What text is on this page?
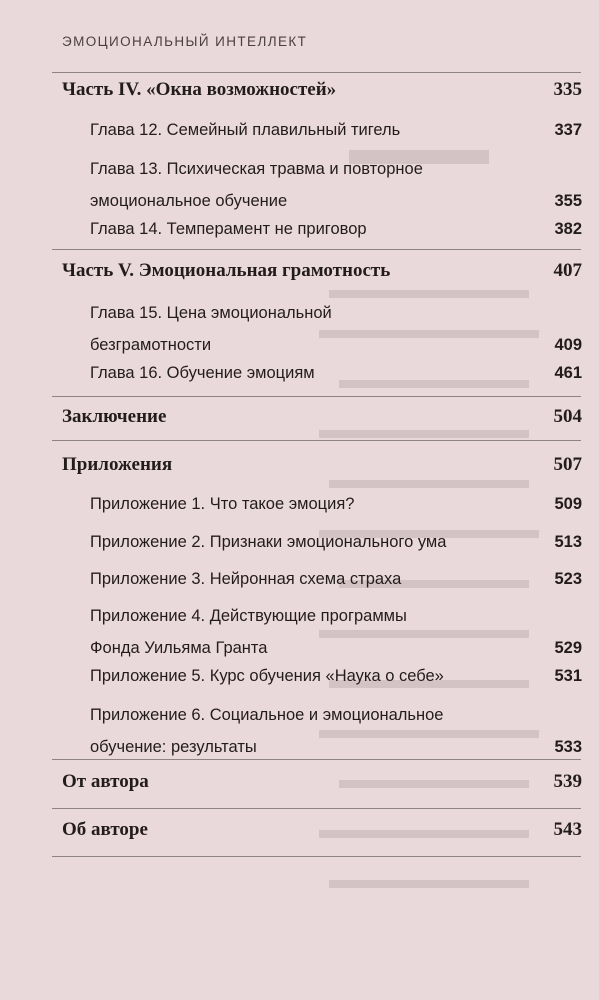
ЭМОЦИОНАЛЬНЫЙ ИНТЕЛЛЕКТ
Часть IV. «Окна возможностей»	335
Глава 12. Семейный плавильный тигель	337
Глава 13. Психическая травма и повторное
эмоциональное обучение	355
Глава 14. Темперамент не приговор	382
Часть V. Эмоциональная грамотность	407
Глава 15. Цена эмоциональной
безграмотности	409
Глава 16. Обучение эмоциям	461
Заключение	504
Приложения	507
Приложение 1. Что такое эмоция?	509
Приложение 2. Признаки эмоционального ума	513
Приложение 3. Нейронная схема страха	523
Приложение 4. Действующие программы
Фонда Уильяма Гранта	529
Приложение 5. Курс обучения «Наука о себе»	531
Приложение 6. Социальное и эмоциональное
обучение: результаты	533
От автора	539
Об авторе	543
